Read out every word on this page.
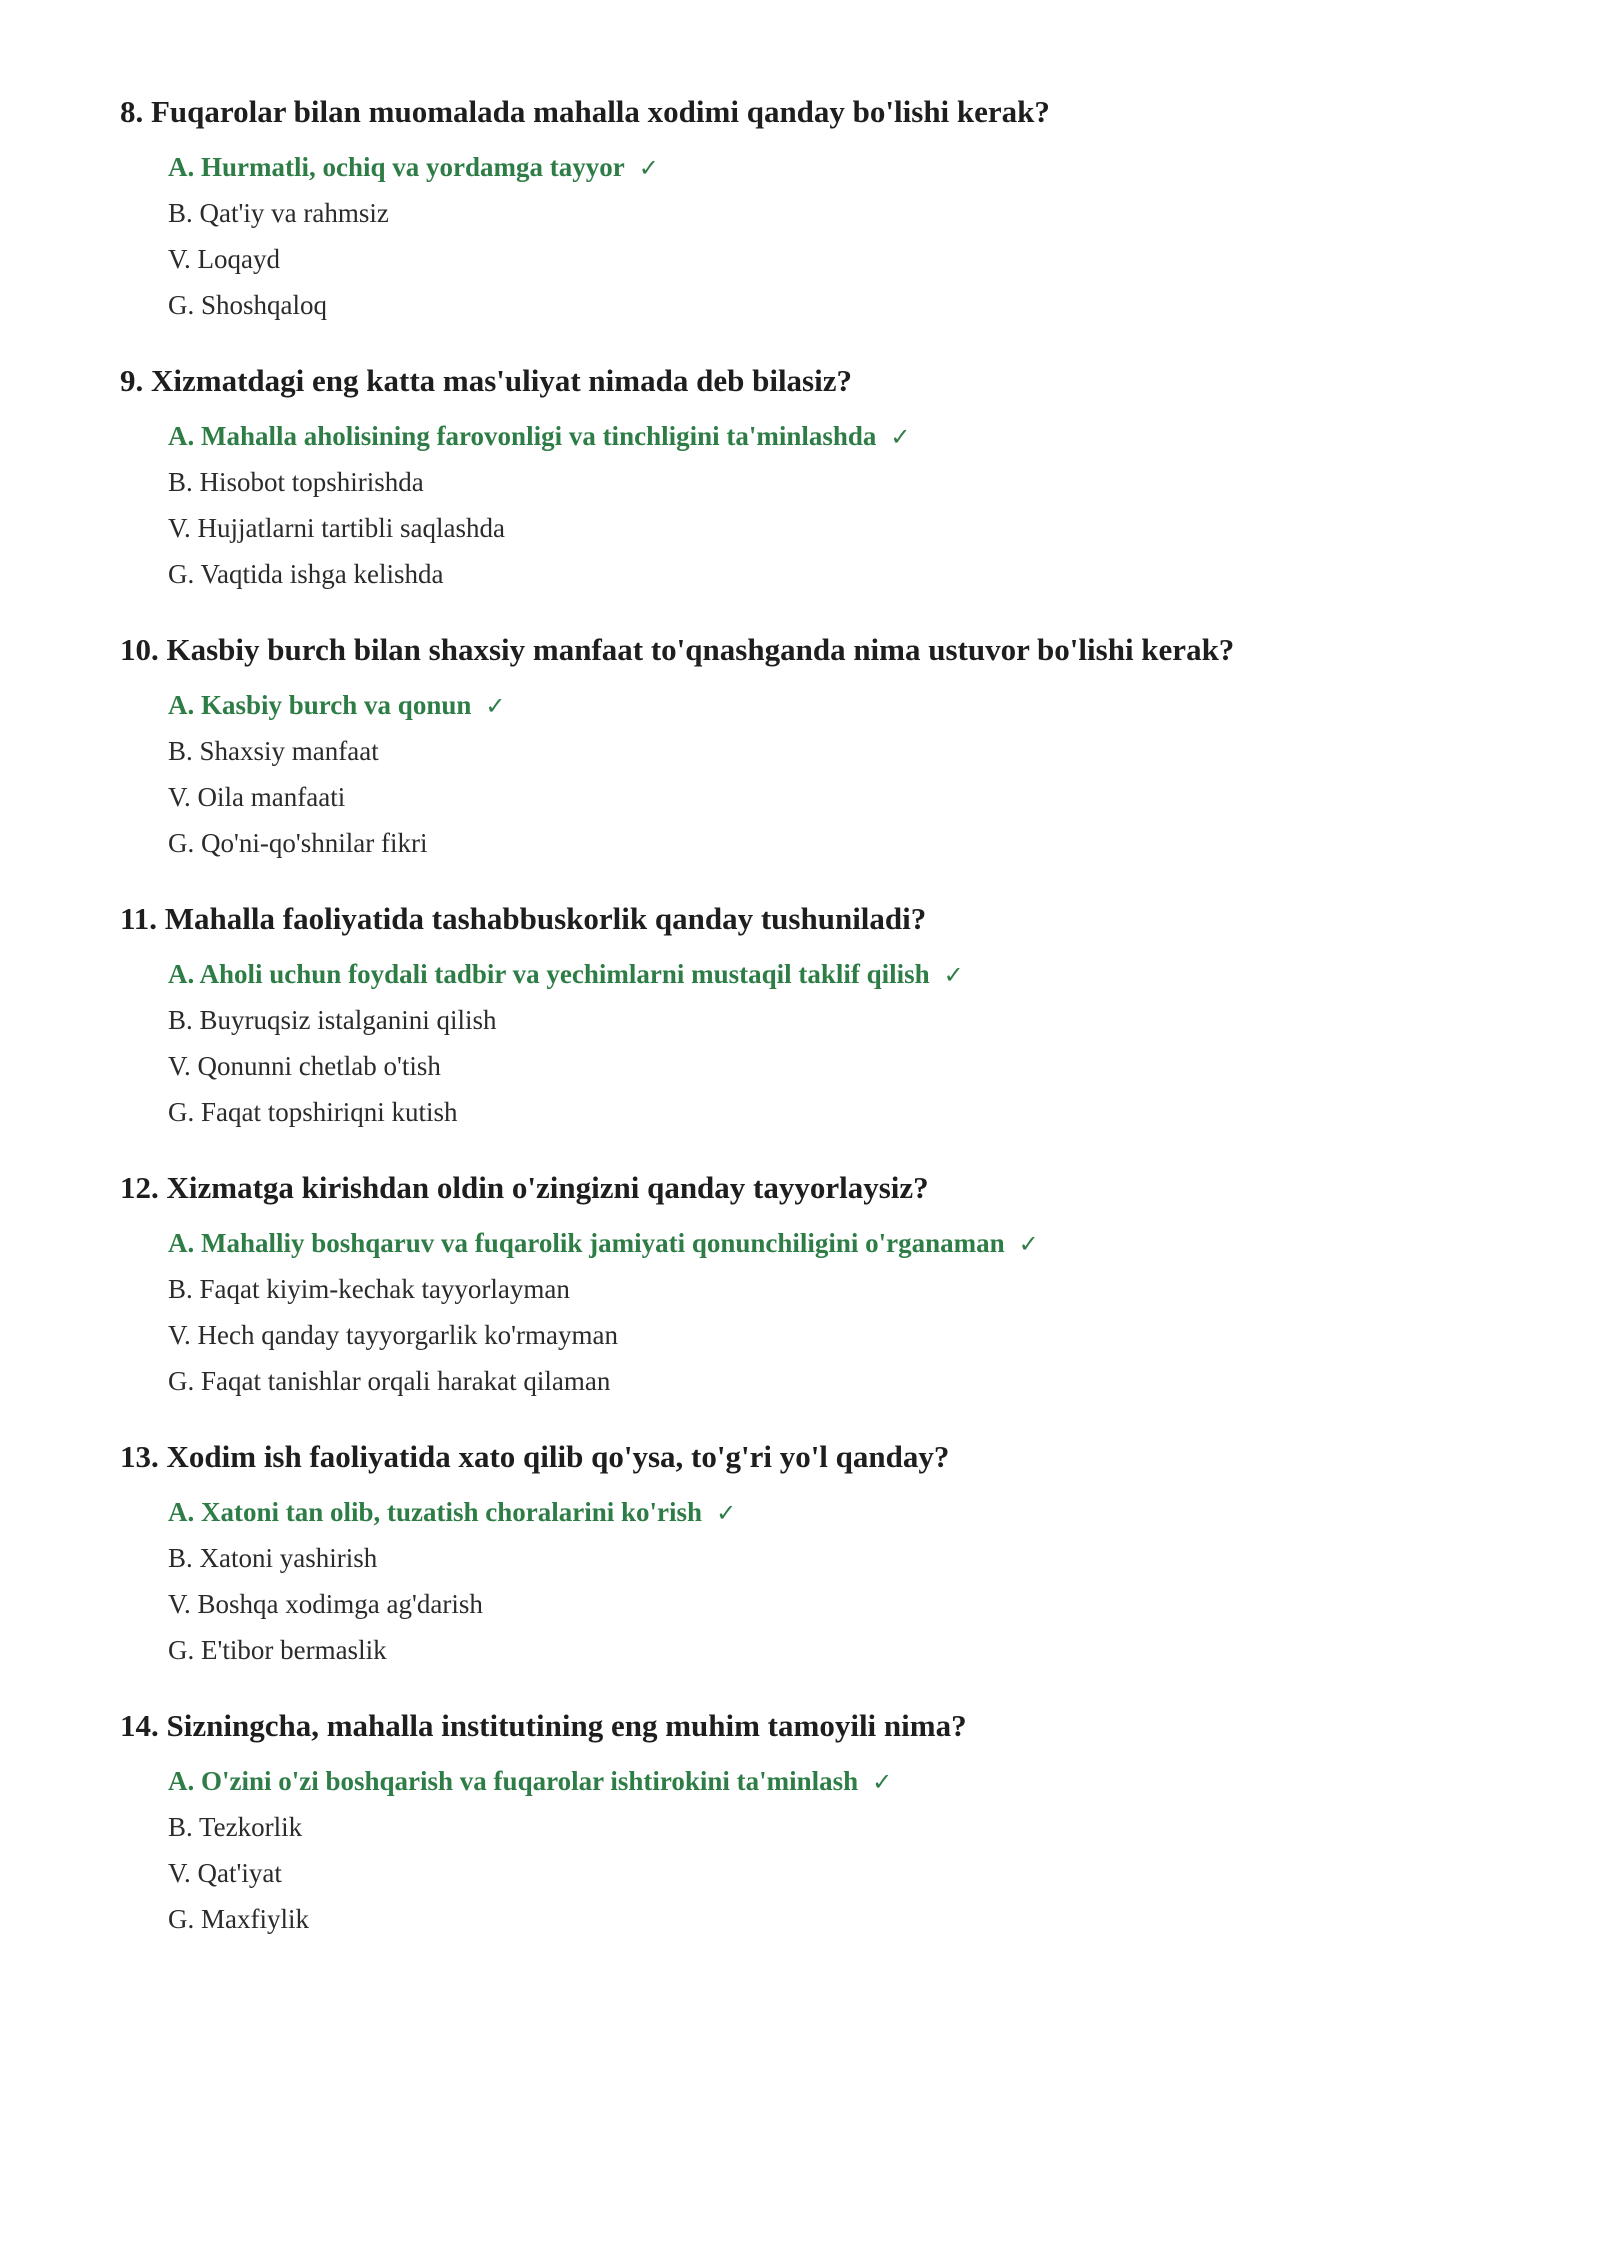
8. Fuqarolar bilan muomalada mahalla xodimi qanday bo'lishi kerak?

A. Hurmatli, ochiq va yordamga tayyor ✓
B. Qat'iy va rahmsiz
V. Loqayd
G. Shoshqaloq

9. Xizmatdagi eng katta mas'uliyat nimada deb bilasiz?

A. Mahalla aholisining farovonligi va tinchligini ta'minlashda ✓
B. Hisobot topshirishda
V. Hujjatlarni tartibli saqlashda
G. Vaqtida ishga kelishda

10. Kasbiy burch bilan shaxsiy manfaat to'qnashganda nima ustuvor bo'lishi kerak?

A. Kasbiy burch va qonun ✓
B. Shaxsiy manfaat
V. Oila manfaati
G. Qo'ni-qo'shnilar fikri

11. Mahalla faoliyatida tashabbuskorlik qanday tushuniladi?

A. Aholi uchun foydali tadbir va yechimlarni mustaqil taklif qilish ✓
B. Buyruqsiz istalganini qilish
V. Qonunni chetlab o'tish
G. Faqat topshiriqni kutish

12. Xizmatga kirishdan oldin o'zingizni qanday tayyorlaysiz?

A. Mahalliy boshqaruv va fuqarolik jamiyati qonunchiligini o'rganaman ✓
B. Faqat kiyim-kechak tayyorlayman
V. Hech qanday tayyorgarlik ko'rmayman
G. Faqat tanishlar orqali harakat qilaman

13. Xodim ish faoliyatida xato qilib qo'ysa, to'g'ri yo'l qanday?

A. Xatoni tan olib, tuzatish choralarini ko'rish ✓
B. Xatoni yashirish
V. Boshqa xodimga ag'darish
G. E'tibor bermaslik

14. Sizningcha, mahalla institutining eng muhim tamoyili nima?

A. O'zini o'zi boshqarish va fuqarolar ishtirokini ta'minlash ✓
B. Tezkorlik
V. Qat'iyat
G. Maxfiylik
